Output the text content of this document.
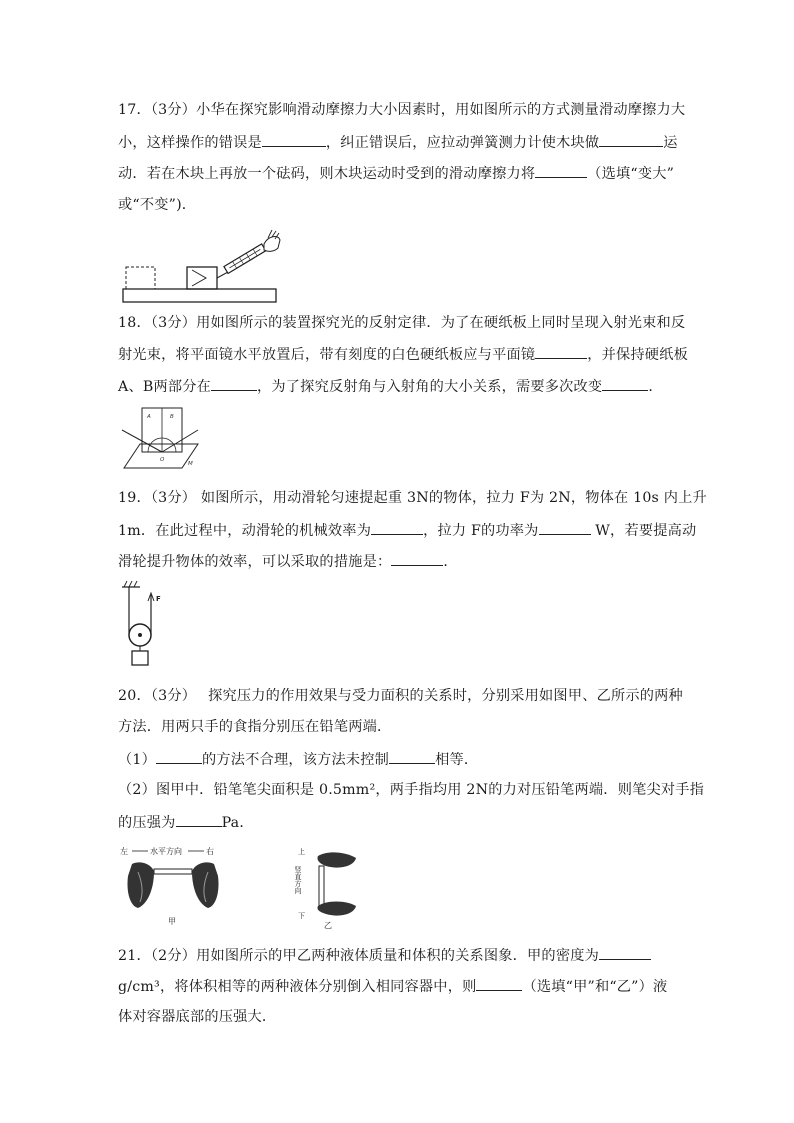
17．（3分）小华在探究影响滑动摩擦力大小因素时，用如图所示的方式测量滑动摩擦力大
小，这样操作的错误是	，纠正错误后，应拉动弹簧测力计使木块做	运
动．若在木块上再放一个砝码，则木块运动时受到的滑动摩擦力将	（选填“变大”
或“不变”)．
18．（3分）用如图所示的装置探究光的反射定律．为了在硬纸板上同时呈现入射光束和反
射光束，将平面镜水平放置后，带有刻度的白色硬纸板应与平面镜	，并保持硬纸板
A、B两部分在	，为了探究反射角与入射角的大小关系，需要多次改变	．
A	B
O
M
19．（3分） 如图所示，用动滑轮匀速提起重 3N的物体，拉力 F为 2N，物体在 10s 内上升
1m．在此过程中，动滑轮的机械效率为	，拉力 F的功率为	W，若要提高动
滑轮提升物体的效率，可以采取的措施是：	．
F
20．（3分）　 探究压力的作用效果与受力面积的关系时，分别采用如图甲、乙所示的两种
方法．用两只手的食指分别压在铅笔两端．
（1）	的方法不合理，该方法未控制	相等．
（2）图甲中．铅笔笔尖面积是 0.5mm²，两手指均用 2N的力对压铅笔两端．则笔尖对手指
的压强为	Pa．
左	水平方向	右
甲
上
竖直方向
下
乙
21．（2分）用如图所示的甲乙两种液体质量和体积的关系图象．甲的密度为
g/cm³，将体积相等的两种液体分别倒入相同容器中，则	（选填“甲”和“乙”）液
体对容器底部的压强大．
